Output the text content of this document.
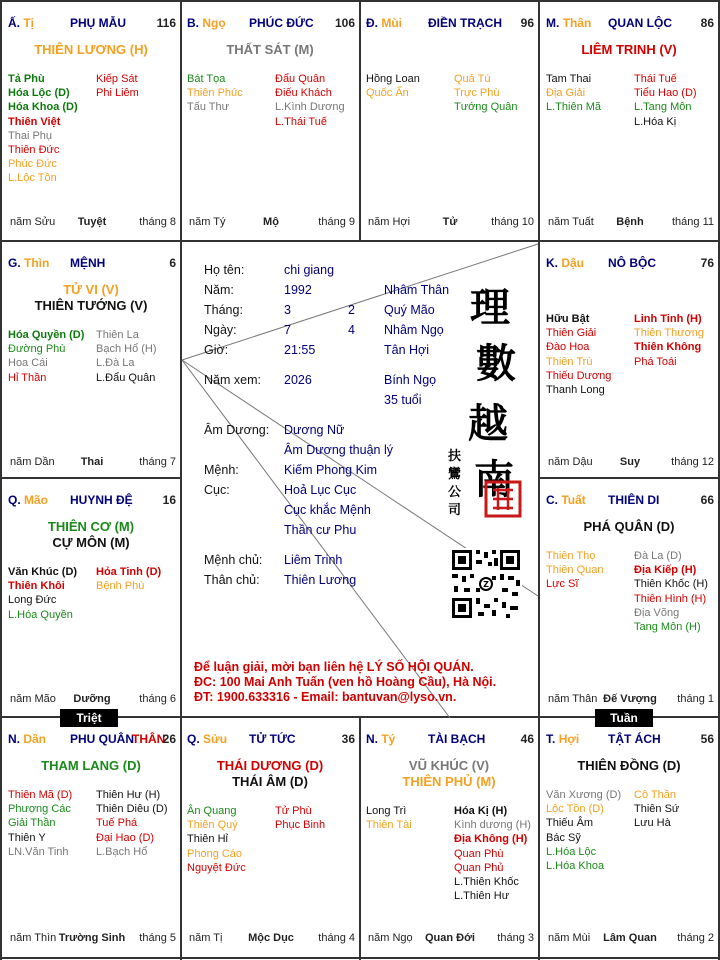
Ấ. Tị	PHỤ MẪU	116
THIÊN LƯƠNG (H)
Tả Phù
Hóa Lộc (D)
Hóa Khoa (D)
Thiên Việt
Thai Phụ
Thiên Đức
Phúc Đức
L.Lộc Tồn
Kiếp Sát
Phi Liêm
năm Sửu	Tuyệt	tháng 8
B. Ngọ PHÚC ĐỨC 106
THẤT SÁT (M)
Bát Tọa
Thiên Phúc
Tấu Thư
Đẩu Quân
Điếu Khách
L.Kình Dương
L.Thái Tuế
năm Tý	Mộ	tháng 9
Đ. Mùi ĐIỀN TRẠCH 96
Hồng Loan
Quốc Ấn
Quả Tú
Trực Phù
Tướng Quân
năm Hợi	Tử	tháng 10
M. Thân QUAN LỘC 86
LIÊM TRINH (V)
Tam Thai
Địa Giải
L.Thiên Mã
Thái Tuế
Tiểu Hao (D)
L.Tang Môn
L.Hóa Kị
năm Tuất	Bệnh	tháng 11
G. Thìn MỆNH	6
TỬ VI (V)
THIÊN TƯỚNG (V)
Hóa Quyền (D)
Đường Phù
Hoa Cái
Hỉ Thần
Thiên La
Bạch Hổ (H)
L.Đà La
L.Đẩu Quân
năm Dần	Thai	tháng 7
K. Dậu NÔ BỘC	76
Hữu Bật
Thiên Giải
Đào Hoa
Thiên Trù
Thiếu Dương
Thanh Long
Linh Tinh (H)
Thiên Thương
Thiên Không
Phá Toái
năm Dậu	Suy	tháng 12
Q. Mão HUYNH ĐỆ 16
THIÊN CƠ (M)
CỰ MÔN (M)
Văn Khúc (D)
Thiên Khôi
Long Đức
L.Hóa Quyền
Hỏa Tinh (D)
Bệnh Phù
năm Mão	Dưỡng	tháng 6
C. Tuất THIÊN DI	66
PHÁ QUÂN (D)
Thiên Thọ
Thiên Quan
Lực Sĩ
Đà La (D)
Địa Kiếp (H)
Thiên Khốc (H)
Thiên Hình (H)
Địa Võng
Tang Môn (H)
năm Thân Đế Vượng	tháng 1
N. Dần PHU QUÂN
THÂN
26
THAM LANG (D)
Thiên Mã (D)
Phượng Các
Giải Thần
Thiên Y
LN.Văn Tinh
Thiên Hư (H)
Thiên Diêu (D)
Tuế Phá
Đại Hao (D)
L.Bạch Hổ
năm Thìn Trường Sinh	tháng 5
Q. Sửu TỬ TỨC	36
THÁI DƯƠNG (D)
THÁI ÂM (D)
Ân Quang
Thiên Quý
Thiên Hỉ
Phong Cáo
Nguyệt Đức
Tử Phù
Phục Binh
năm Tị	Mộc Dục	tháng 4
N. Tý	TÀI BẠCH	46
VŨ KHÚC (V)
THIÊN PHỦ (M)
Long Trì
Thiên Tài
Hóa Kị (H)
Kình dương (H)
Địa Không (H)
Quan Phù
Quan Phủ
L.Thiên Khốc
L.Thiên Hư
năm Ngọ	Quan Đới	tháng 3
T. Hợi TẬT ÁCH	56
THIÊN ĐỒNG (D)
Văn Xương (D)
Lộc Tồn (D)
Thiếu Âm
Bác Sỹ
L.Hóa Lộc
L.Hóa Khoa
Cô Thần
Thiên Sứ
Lưu Hà
năm Mùi	Lâm Quan	tháng 2
Triệt	Tuần
Họ tên:	chi giang
Năm:	1992	Nhâm Thân
Tháng:	3	2 Quý Mão
Ngày:	7	4 Nhâm Ngọ
Giờ:	21:55	Tân Hợi
Năm xem: 2026	Bính Ngọ
35 tuổi
Âm Dương: Dương Nữ
Âm Dương thuận lý
Mệnh:	Kiếm Phong Kim
Cục:	Hoả Lục Cục
Cục khắc Mệnh
Thần cư Phu
Mệnh chủ: Liêm Trinh
Thân chủ: Thiên Lương
理
數
越
南
扶
鸞
公
司
Z
Để luận giải, mời bạn liên hệ LÝ SỐ HỘI QUÁN.
ĐC: 100 Mai Anh Tuấn (ven hồ Hoàng Cầu), Hà Nội.
ĐT: 1900.633316 - Email: bantuvan@lyso.vn.
